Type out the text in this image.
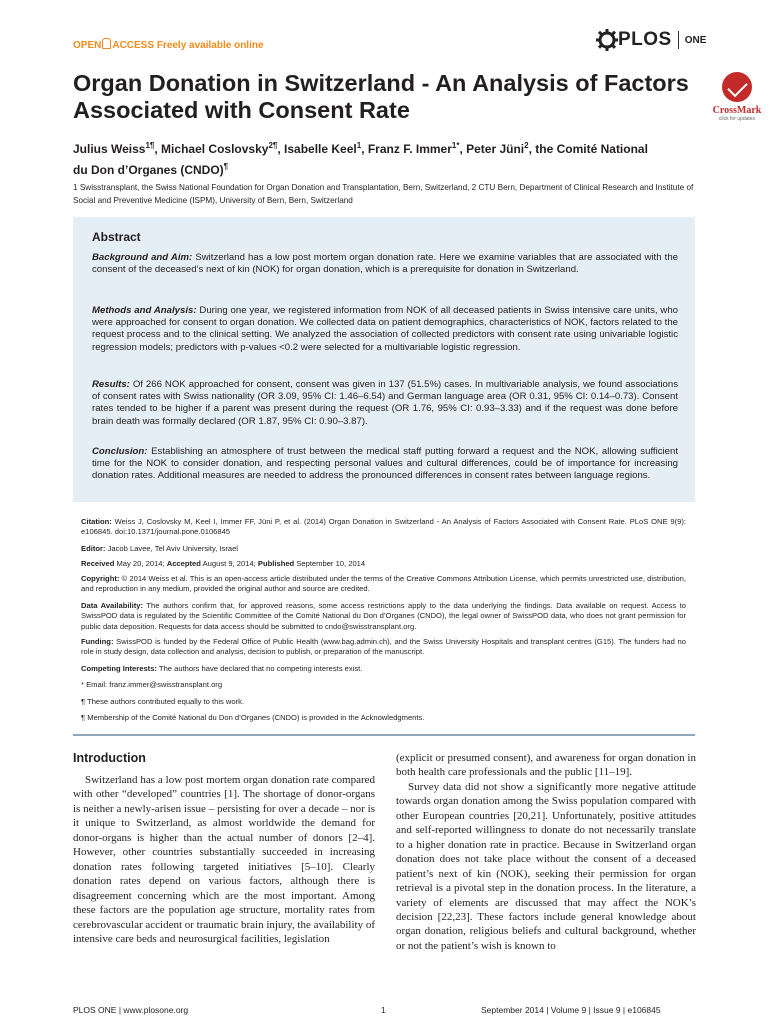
OPEN ACCESS Freely available online	PLOS ONE
Organ Donation in Switzerland - An Analysis of Factors
Associated with Consent Rate	CrossMark
click for updates
Julius Weiss$^{1\P}$, Michael Coslovsky$^{2\P}$, Isabelle Keel$^1$, Franz F. Immer$^{1*}$, Peter Jüni$^2$, the Comité National
du Don d’Organes (CNDO)¶
1 Swisstransplant, the Swiss National Foundation for Organ Donation and Transplantation, Bern, Switzerland, 2 CTU Bern, Department of Clinical Research and Institute of Social and Preventive Medicine (ISPM), University of Bern, Bern, Switzerland
Abstract
Background and Aim: Switzerland has a low post mortem organ donation rate. Here we examine variables that are associated with the consent of the deceased’s next of kin (NOK) for organ donation, which is a prerequisite for donation in Switzerland.
Methods and Analysis: During one year, we registered information from NOK of all deceased patients in Swiss intensive care units, who were approached for consent to organ donation. We collected data on patient demographics, characteristics of NOK, factors related to the request process and to the clinical setting. We analyzed the association of collected predictors with consent rate using univariable logistic regression models; predictors with p-values <0.2 were selected for a multivariable logistic regression.
Results: Of 266 NOK approached for consent, consent was given in 137 (51.5%) cases. In multivariable analysis, we found associations of consent rates with Swiss nationality (OR 3.09, 95% CI: 1.46–6.54) and German language area (OR 0.31, 95% CI: 0.14–0.73). Consent rates tended to be higher if a parent was present during the request (OR 1.76, 95% CI: 0.93–3.33) and if the request was done before brain death was formally declared (OR 1.87, 95% CI: 0.90–3.87).
Conclusion: Establishing an atmosphere of trust between the medical staff putting forward a request and the NOK, allowing sufficient time for the NOK to consider donation, and respecting personal values and cultural differences, could be of importance for increasing donation rates. Additional measures are needed to address the pronounced differences in consent rates between language regions.
Citation: Weiss J, Coslovsky M, Keel I, Immer FF, Jüni P, et al. (2014) Organ Donation in Switzerland - An Analysis of Factors Associated with Consent Rate. PLoS ONE 9(9): e106845. doi:10.1371/journal.pone.0106845
Editor: Jacob Lavee, Tel Aviv University, Israel
Received May 20, 2014; Accepted August 9, 2014; Published September 10, 2014
Copyright: © 2014 Weiss et al. This is an open-access article distributed under the terms of the Creative Commons Attribution License, which permits unrestricted use, distribution, and reproduction in any medium, provided the original author and source are credited.
Data Availability: The authors confirm that, for approved reasons, some access restrictions apply to the data underlying the findings. Data available on request. Access to SwissPOD data is regulated by the Scientific Committee of the Comité National du Don d’Organes (CNDO), the legal owner of SwissPOD data, who does not grant permission for public data deposition. Requests for data access should be submitted to cndo@swisstransplant.org.
Funding: SwissPOD is funded by the Federal Office of Public Health (www.bag.admin.ch), and the Swiss University Hospitals and transplant centres (G15). The funders had no role in study design, data collection and analysis, decision to publish, or preparation of the manuscript.
Competing Interests: The authors have declared that no competing interests exist.
* Email: franz.immer@swisstransplant.org
¶ These authors contributed equally to this work.
¶ Membership of the Comité National du Don d’Organes (CNDO) is provided in the Acknowledgments.
Introduction
Switzerland has a low post mortem organ donation rate compared with other “developed” countries [1]. The shortage of donor-organs is neither a newly-arisen issue – persisting for over a decade – nor is it unique to Switzerland, as almost worldwide the demand for donor-organs is higher than the actual number of donors [2–4]. However, other countries substantially succeeded in increasing donation rates following targeted initiatives [5–10]. Clearly donation rates depend on various factors, although there is disagreement concerning which are the most important. Among these factors are the population age structure, mortality rates from cerebrovascular accident or traumatic brain injury, the availability of intensive care beds and neurosurgical facilities, legislation
(explicit or presumed consent), and awareness for organ donation in both health care professionals and the public [11–19].
Survey data did not show a significantly more negative attitude towards organ donation among the Swiss population compared with other European countries [20,21]. Unfortunately, positive attitudes and self-reported willingness to donate do not necessarily translate to a higher donation rate in practice. Because in Switzerland organ donation does not take place without the consent of a deceased patient’s next of kin (NOK), seeking their permission for organ retrieval is a pivotal step in the donation process. In the literature, a variety of elements are discussed that may affect the NOK’s decision [22,23]. These factors include general knowledge about organ donation, religious beliefs and cultural background, whether or not the patient’s wish is known to
PLOS ONE | www.plosone.org	1	September 2014 | Volume 9 | Issue 9 | e106845
